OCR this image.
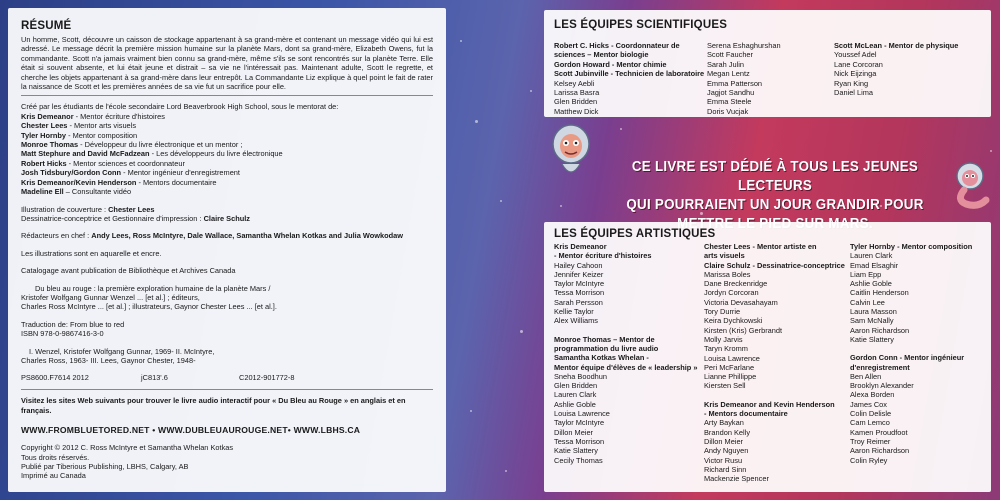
RÉSUMÉ
Un homme, Scott, découvre un caisson de stockage appartenant à sa grand-mère et contenant un message vidéo qui lui est adressé. Le message décrit la première mission humaine sur la planète Mars, dont sa grand-mère, Elizabeth Owens, fut la commandante. Scott n'a jamais vraiment bien connu sa grand-mère, même s'ils se sont rencontrés sur la planète Terre. Elle était si souvent absente, et lui était jeune et distrait – sa vie ne l'intéressait pas. Maintenant adulte, Scott le regrette, et cherche les objets appartenant à sa grand-mère dans leur entrepôt. La Commandante Liz explique à quel point le fait de rater la naissance de Scott et les premières années de sa vie fut un sacrifice pour elle.
Créé par les étudiants de l'école secondaire Lord Beaverbrook High School, sous le mentorat de:
Kris Demeanor - Mentor écriture d'histoires
Chester Lees - Mentor arts visuels
Tyler Hornby - Mentor composition
Monroe Thomas - Développeur du livre électronique et un mentor ;
Matt Stephure and David McFadzean - Les développeurs du livre électronique
Robert Hicks - Mentor sciences et coordonnateur
Josh Tidsbury/Gordon Conn - Mentor ingénieur d'enregistrement
Kris Demeanor/Kevin Henderson - Mentors documentaire
Madeline Ell – Consultante vidéo
Illustration de couverture : Chester Lees
Dessinatrice-conceptrice et Gestionnaire d'impression : Claire Schulz
Rédacteurs en chef : Andy Lees, Ross McIntyre, Dale Wallace, Samantha Whelan Kotkas and Julia Wowkodaw
Les illustrations sont en aquarelle et encre.
Catalogage avant publication de Bibliothèque et Archives Canada
Du bleu au rouge : la première exploration humaine de la planète Mars /
Kristofer Wolfgang Gunnar Wenzel ... [et al.] ; éditeurs,
Charles Ross McIntyre ... [et al.] ; illustrateurs, Gaynor Chester Lees ... [et al.].
Traduction de: From blue to red
ISBN 978-0-9867416-3-0
I. Wenzel, Kristofer Wolfgang Gunnar, 1969- II. McIntyre,
Charles Ross, 1963- III. Lees, Gaynor Chester, 1948-
PS8600.F7614 2012	jC813'.6	C2012-901772-8
Visitez les sites Web suivants pour trouver le livre audio interactif pour « Du Bleu au Rouge » en anglais et en français.
WWW.FROMBLUETORED.NET • WWW.DUBLEUAUROUGE.NET• WWW.LBHS.CA
Copyright © 2012 C. Ross McIntyre et Samantha Whelan Kotkas
Tous droits réservés.
Publié par Tiberious Publishing, LBHS, Calgary, AB
Imprimé au Canada
LES ÉQUIPES SCIENTIFIQUES
Robert C. Hicks - Coordonnateur de
sciences – Mentor biologie
Gordon Howard - Mentor chimie
Scott Jubinville - Technicien de laboratoire
Kelsey Aebli
Larissa Basra
Glen Bridden
Matthew Dick
Serena Eshaghurshan
Scott Faucher
Sarah Julin
Megan Lentz
Emma Patterson
Jagjot Sandhu
Emma Steele
Doris Vucjak
Scott McLean - Mentor de physique
Youssef Adel
Lane Corcoran
Nick Eijzinga
Ryan King
Daniel Lima
CE LIVRE EST DÉDIÉ À TOUS LES JEUNES LECTEURS
QUI POURRAIENT UN JOUR GRANDIR POUR
LES ÉQUIPES ARTISTIQUES
Kris Demeanor
- Mentor écriture d'histoires
Hailey Cahoon
Jennifer Keizer
Taylor McIntyre
Tessa Morrison
Sarah Persson
Kellie Taylor
Alex Williams
Monroe Thomas – Mentor de
programmation du livre audio
Samantha Kotkas Whelan -
Mentor équipe d'élèves de « leadership »
Sneha Boodhun
Glen Bridden
Lauren Clark
Ashlie Goble
Louisa Lawrence
Taylor McIntyre
Dillon Meier
Tessa Morrison
Katie Slattery
Cecily Thomas
Chester Lees - Mentor artiste en
arts visuels
Claire Schulz - Dessinatrice-conceptrice
Marissa Boles
Dane Breckenridge
Jordyn Corcoran
Victoria Devasahayam
Tory Durrie
Keira Dychkowski
Kirsten (Kris) Gerbrandt
Molly Jarvis
Taryn Kromm
Louisa Lawrence
Peri McFarlane
Lianne Phillippe
Kiersten Sell
Kris Demeanor and Kevin Henderson
- Mentors documentaire
Arty Baykan
Brandon Kelly
Dillon Meier
Andy Nguyen
Victor Rusu
Richard Sinn
Mackenzie Spencer
Tyler Hornby - Mentor composition
Lauren Clark
Emad Elsaghir
Liam Epp
Ashlie Goble
Caitlin Henderson
Calvin Lee
Laura Masson
Sam McNally
Aaron Richardson
Katie Slattery
Gordon Conn - Mentor ingénieur
d'enregistrement
Ben Allen
Brooklyn Alexander
Alexa Borden
James Cox
Colin Delisle
Cam Lemco
Kamen Proudfoot
Troy Reimer
Aaron Richardson
Colin Ryley
